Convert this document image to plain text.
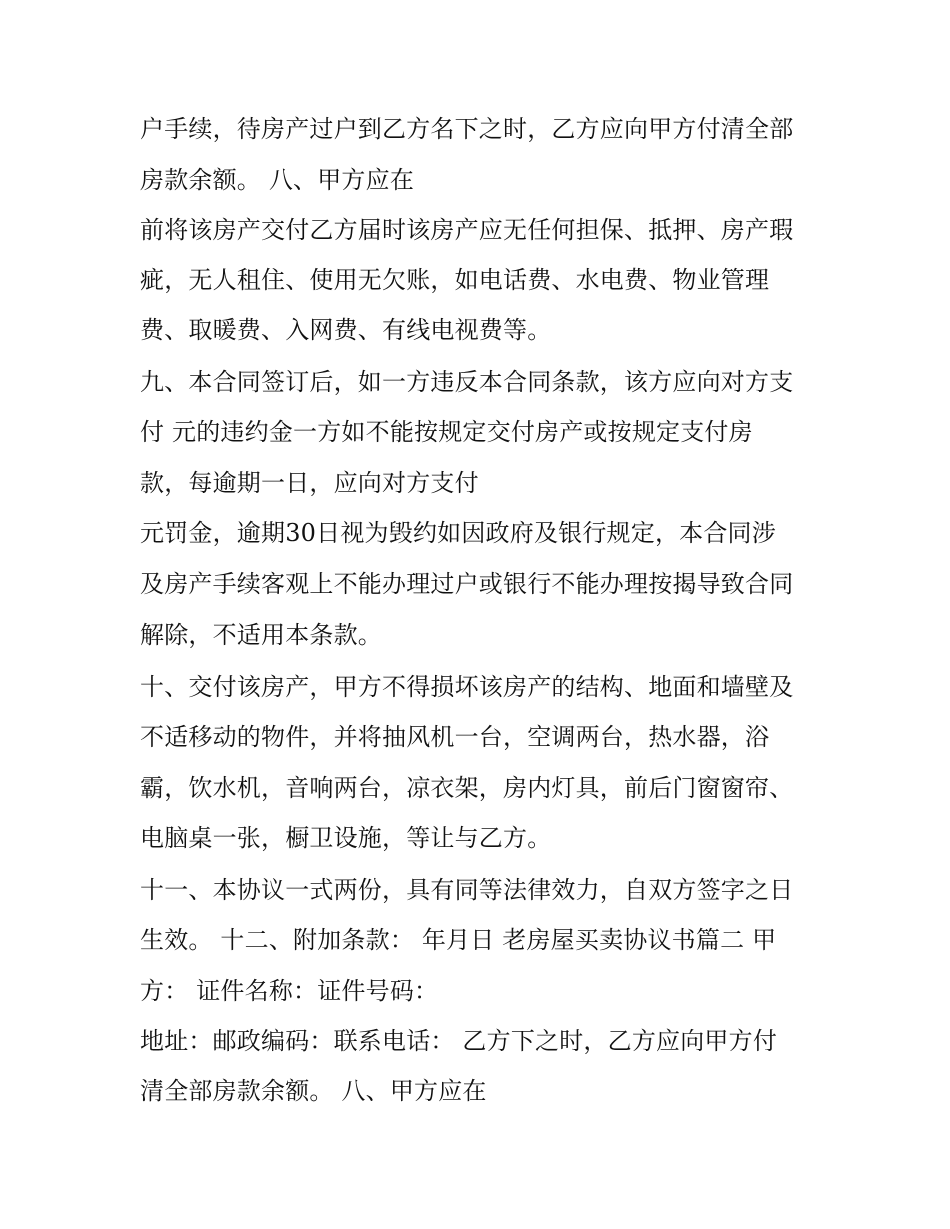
户手续，待房产过户到乙方名下之时，乙方应向甲方付清全部
房款余额。 八、甲方应在
前将该房产交付乙方届时该房产应无任何担保、抵押、房产瑕
疵，无人租住、使用无欠账，如电话费、水电费、物业管理
费、取暖费、入网费、有线电视费等。
九、本合同签订后，如一方违反本合同条款，该方应向对方支
付 元的违约金一方如不能按规定交付房产或按规定支付房
款，每逾期一日，应向对方支付
元罚金，逾期30日视为毁约如因政府及银行规定，本合同涉
及房产手续客观上不能办理过户或银行不能办理按揭导致合同
解除，不适用本条款。
十、交付该房产，甲方不得损坏该房产的结构、地面和墙壁及
不适移动的物件，并将抽风机一台，空调两台，热水器，浴
霸，饮水机，音响两台，凉衣架，房内灯具，前后门窗窗帘、
电脑桌一张，橱卫设施，等让与乙方。
十一、本协议一式两份，具有同等法律效力，自双方签字之日
生效。 十二、附加条款： 年月日 老房屋买卖协议书篇二 甲
方： 证件名称：证件号码：
地址：邮政编码：联系电话： 乙方下之时，乙方应向甲方付
清全部房款余额。 八、甲方应在
